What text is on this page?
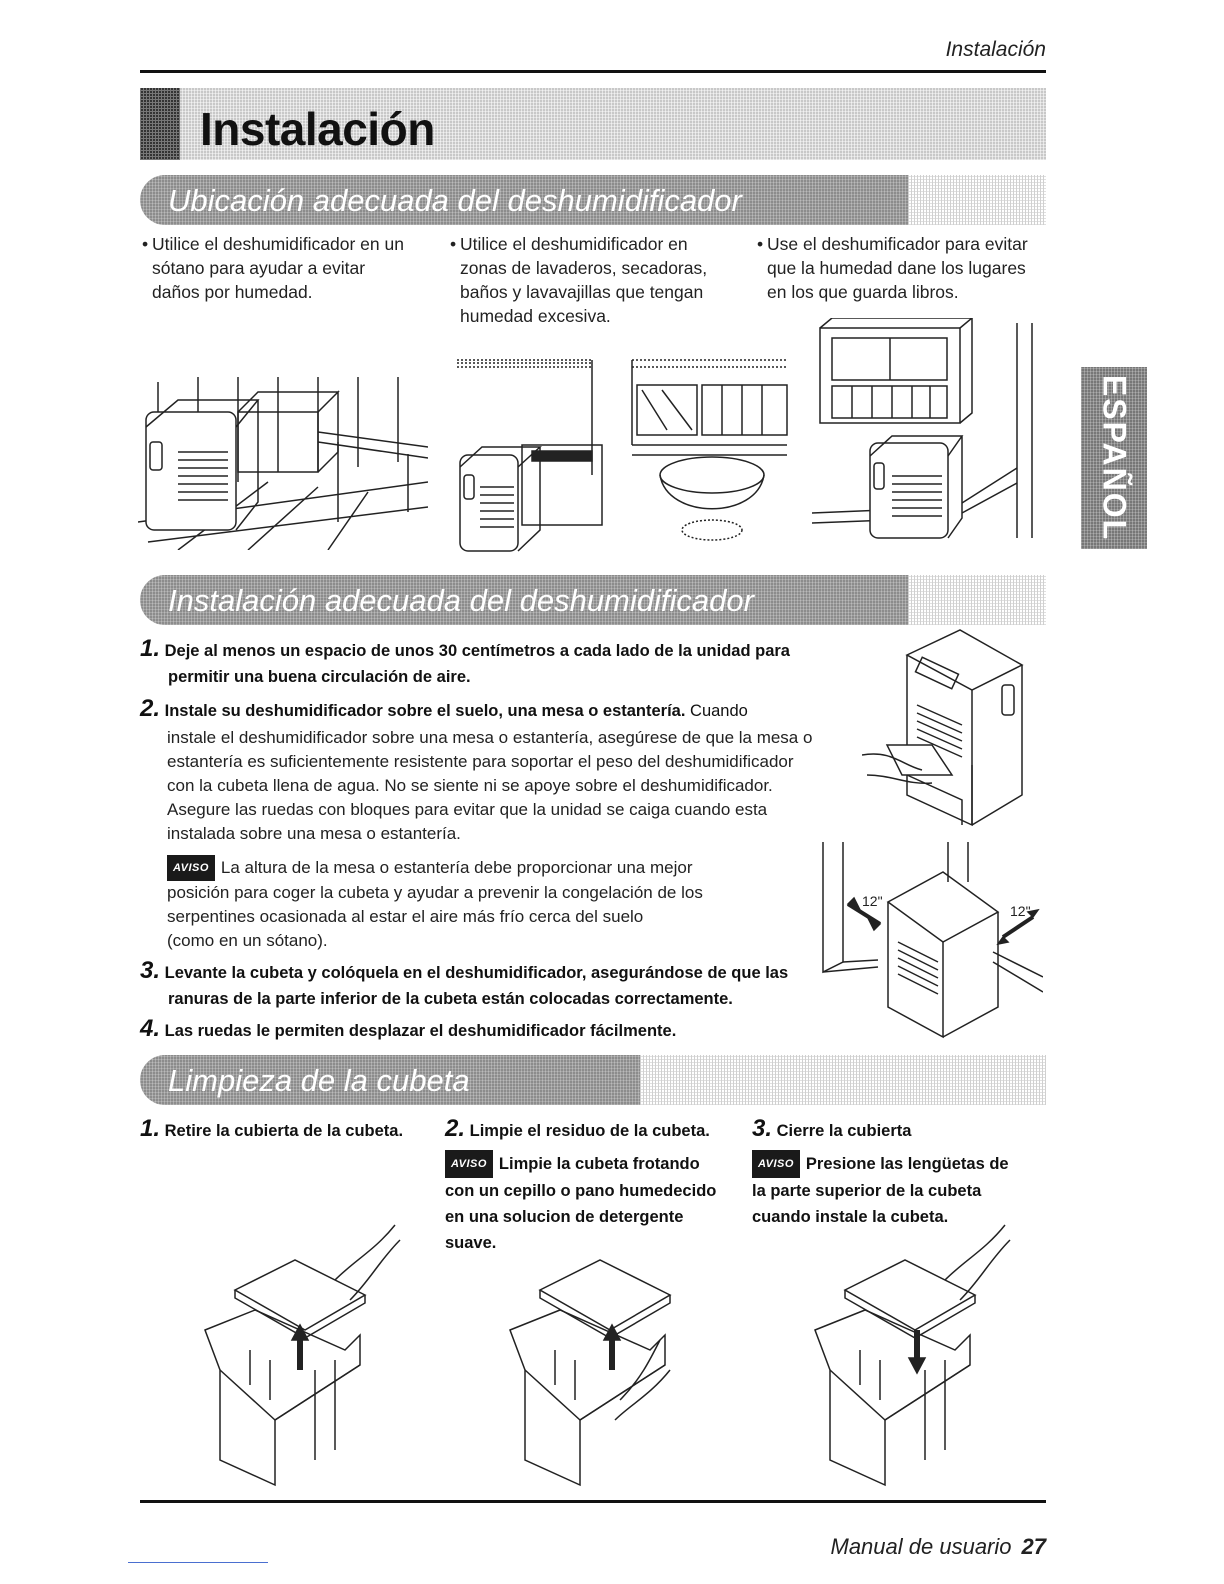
Instalación
Instalación
ESPAÑOL
Ubicación adecuada del deshumidificador
• Utilice el deshumidificador en un
sótano para ayudar a evitar
daños por humedad.
• Utilice el deshumidificador en
zonas de lavaderos, secadoras,
baños y lavavajillas que tengan
humedad excesiva.
• Use el deshumificador para evitar
que la humedad dane los lugares
en los que guarda libros.
Instalación adecuada del deshumidificador
1. Deje al menos un espacio de unos 30 centímetros a cada lado de la unidad para
permitir una buena circulación de aire.
2. Instale su deshumidificador sobre el suelo, una mesa o estantería. Cuando
instale el deshumidificador sobre una mesa o estantería, asegúrese de que la mesa o
estantería es suficientemente resistente para soportar el peso del deshumidificador
con la cubeta llena de agua. No se siente ni se apoye sobre el deshumidificador.
Asegure las ruedas con bloques para evitar que la unidad se caiga cuando esta
instalada sobre una mesa o estantería.
AVISO La altura de la mesa o estantería debe proporcionar una mejor
posición para coger la cubeta y ayudar a prevenir la congelación de los
serpentines ocasionada al estar el aire más frío cerca del suelo
(como en un sótano).
3. Levante la cubeta y colóquela en el deshumidificador, asegurándose de que las
ranuras de la parte inferior de la cubeta están colocadas correctamente.
4. Las ruedas le permiten desplazar el deshumidificador fácilmente.
12"
12"
Limpieza de la cubeta
1. Retire la cubierta de la cubeta.	2. Limpie el residuo de la cubeta.
AVISO Limpie la cubeta frotando
con un cepillo o pano humedecido
en una solucion de detergente
suave.
3. Cierre la cubierta
AVISO Presione las lengüetas de
la parte superior de la cubeta
cuando instale la cubeta.
Manual de usuario 27
